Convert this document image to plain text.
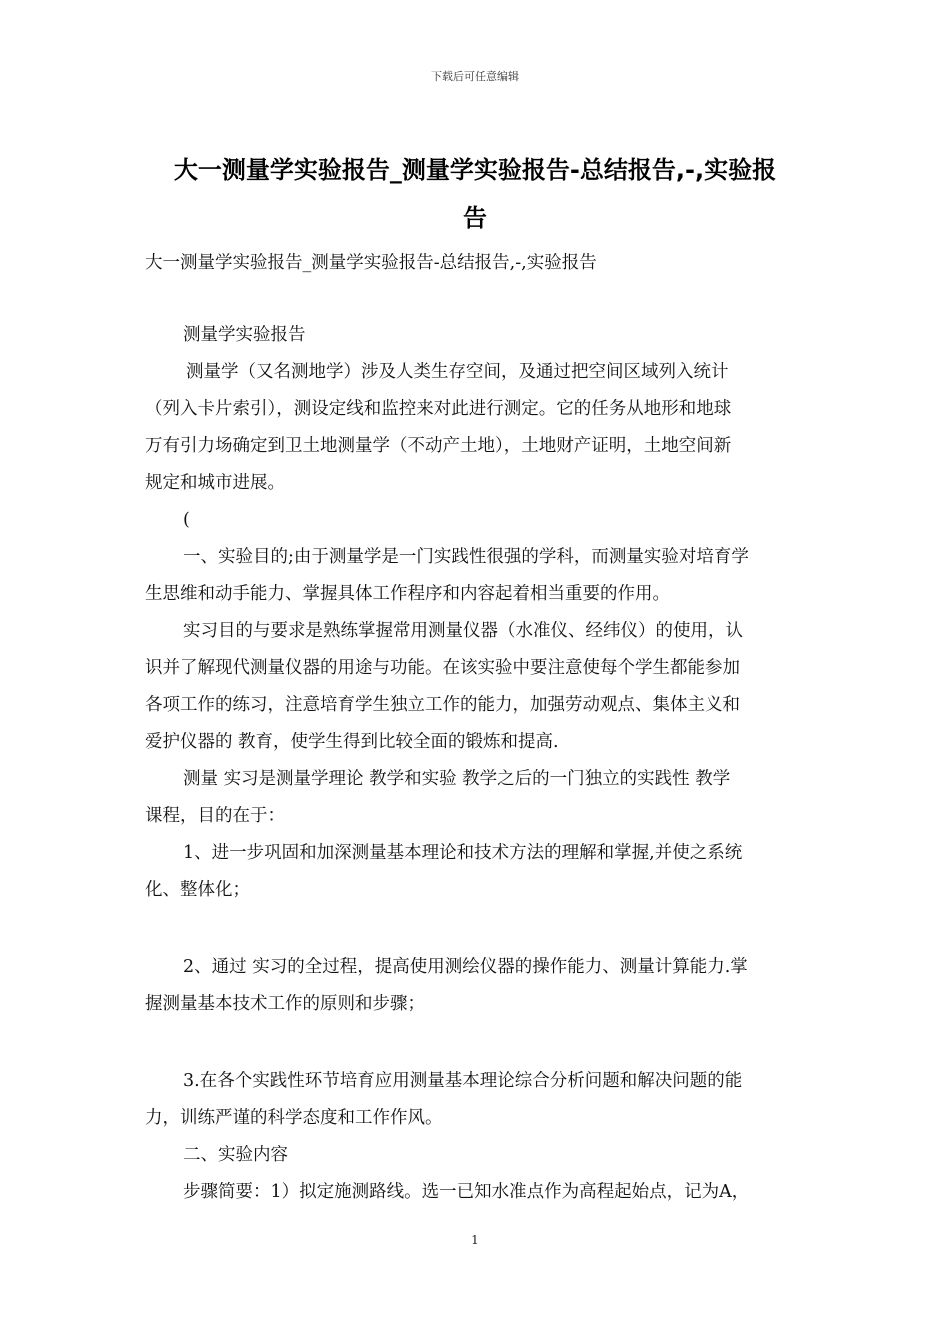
下载后可任意编辑
大一测量学实验报告_测量学实验报告-总结报告,-,实验报
告
大一测量学实验报告_测量学实验报告-总结报告,-,实验报告
测量学实验报告
测量学（又名测地学）涉及人类生存空间，及通过把空间区域列入统计
（列入卡片索引），测设定线和监控来对此进行测定。它的任务从地形和地球
万有引力场确定到卫土地测量学（不动产土地），土地财产证明，土地空间新
规定和城市进展。
(
一、实验目的;由于测量学是一门实践性很强的学科，而测量实验对培育学
生思维和动手能力、掌握具体工作程序和内容起着相当重要的作用。
实习目的与要求是熟练掌握常用测量仪器（水准仪、经纬仪）的使用，认
识并了解现代测量仪器的用途与功能。在该实验中要注意使每个学生都能参加
各项工作的练习，注意培育学生独立工作的能力，加强劳动观点、集体主义和
爱护仪器的 教育，使学生得到比较全面的锻炼和提高.
测量 实习是测量学理论 教学和实验 教学之后的一门独立的实践性 教学
课程，目的在于：
1、进一步巩固和加深测量基本理论和技术方法的理解和掌握,并使之系统
化、整体化；
2、通过 实习的全过程，提高使用测绘仪器的操作能力、测量计算能力.掌
握测量基本技术工作的原则和步骤；
3.在各个实践性环节培育应用测量基本理论综合分析问题和解决问题的能
力，训练严谨的科学态度和工作作风。
二、实验内容
步骤简要：1）拟定施测路线。选一已知水准点作为高程起始点，记为A，
1
